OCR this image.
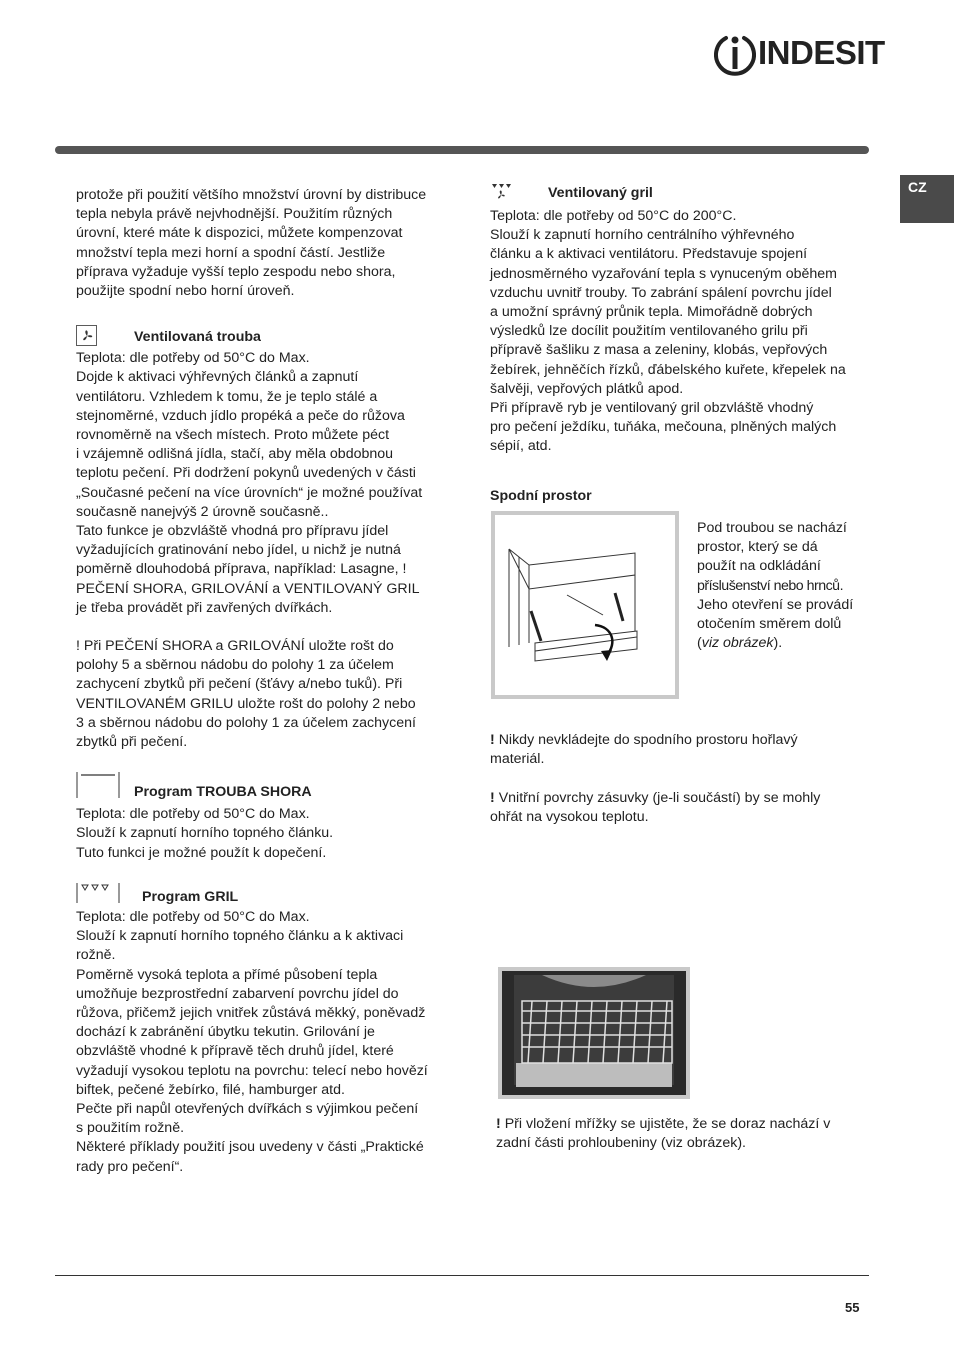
INDESIT
CZ

protože při použití většího množství úrovní by distribuce

tepla nebyla právě nejvhodnější. Použitím různých

úrovní, které máte k dispozici, můžete kompenzovat

množství tepla mezi horní a spodní částí. Jestliže

příprava vyžaduje vyšší teplo zespodu nebo shora,

použijte spodní nebo horní úroveň.

Ventilovaná trouba

Teplota: dle potřeby od 50°C do Max.

Dojde k aktivaci výhřevných článků a zapnutí

ventilátoru. Vzhledem k tomu, že je teplo stálé a

stejnoměrné, vzduch jídlo propéká a peče do růžova

rovnoměrně na všech místech. Proto můžete péct

i vzájemně odlišná jídla, stačí, aby měla obdobnou

teplotu pečení. Při dodržení pokynů uvedených v části

„Současné pečení na více úrovních“ je možné používat

současně nanejvýš 2 úrovně současně..

Tato funkce je obzvláště vhodná pro přípravu jídel

vyžadujících gratinování nebo jídel, u nichž je nutná

poměrně dlouhodobá příprava, například: Lasagne, !

PEČENÍ SHORA, GRILOVÁNÍ a VENTILOVANÝ GRIL

je třeba provádět při zavřených dvířkách.

! Při PEČENÍ SHORA a GRILOVÁNÍ uložte rošt do

polohy 5 a sběrnou nádobu do polohy 1 za účelem

zachycení zbytků při pečení (šťávy a/nebo tuků). Při

VENTILOVANÉM GRILU uložte rošt do polohy 2 nebo

3 a sběrnou nádobu do polohy 1 za účelem zachycení

zbytků při pečení.

Program TROUBA SHORA

Teplota: dle potřeby od 50°C do Max.

Slouží k zapnutí horního topného článku.

Tuto funkci je možné použít k dopečení.

Program GRIL

Teplota: dle potřeby od 50°C do Max.

Slouží k zapnutí horního topného článku a k aktivaci

rožně.

Poměrně vysoká teplota a přímé působení tepla

umožňuje bezprostřední zabarvení povrchu jídel do

růžova, přičemž jejich vnitřek zůstává měkký, poněvadž

dochází k zabránění úbytku tekutin. Grilování je

obzvláště vhodné k přípravě těch druhů jídel, které

vyžadují vysokou teplotu na povrchu: telecí nebo hovězí

biftek, pečené žebírko, filé, hamburger atd.

Pečte při napůl otevřených dvířkách s výjimkou pečení

s použitím rožně.

Některé příklady použití jsou uvedeny v části „Praktické

rady pro pečení“.

Ventilovaný gril

Teplota: dle potřeby od 50°C do 200°C.

Slouží k zapnutí horního centrálního výhřevného

článku a k aktivaci ventilátoru. Představuje spojení

jednosměrného vyzařování tepla s vynuceným oběhem

vzduchu uvnitř trouby. To zabrání spálení povrchu jídel

a umožní správný průnik tepla. Mimořádně dobrých

výsledků lze docílit použitím ventilovaného grilu při

přípravě šašliku z masa a zeleniny, klobás, vepřových

žebírek, jehněčích řízků, ďábelského kuřete, křepelek na

šalvěji, vepřových plátků apod.

Při přípravě ryb je ventilovaný gril obzvláště vhodný

pro pečení ježdíku, tuňáka, mečouna, plněných malých

sépií, atd.

Spodní prostor

Pod troubou se nachází

prostor, který se dá

použít na odkládání

příslušenství nebo hrnců.

Jeho otevření se provádí

otočením směrem dolů

(viz obrázek).

! Nikdy nevkládejte do spodního prostoru hořlavý

materiál.

! Vnitřní povrchy zásuvky (je-li součástí) by se mohly

ohřát na vysokou teplotu.

! Při vložení mřížky se ujistěte, že se doraz nachází v

zadní části prohloubeniny (viz obrázek).

55
